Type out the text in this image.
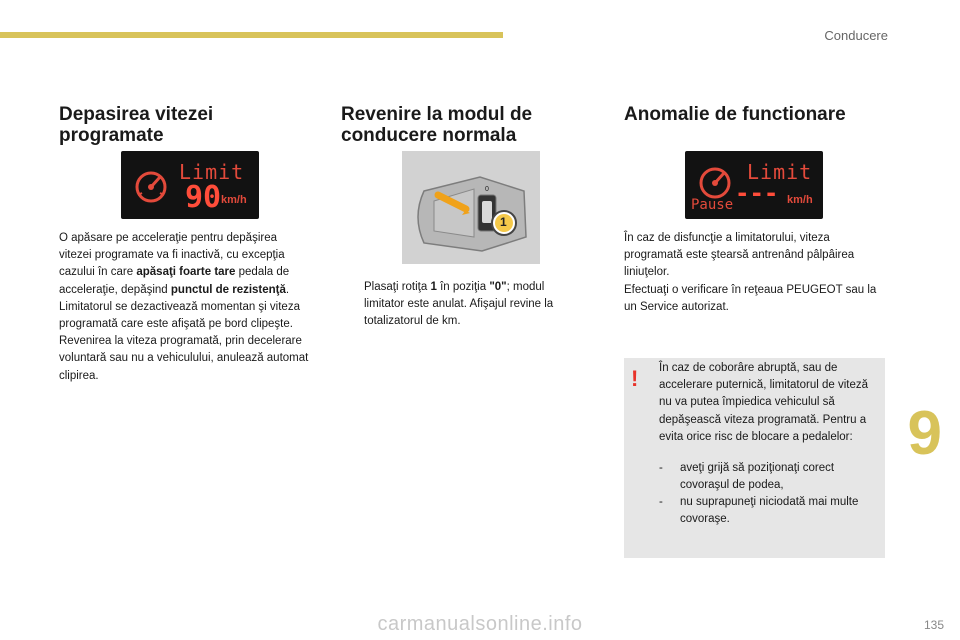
Conducere
9
135
Depasirea vitezei
programate
Limit
90 km/h

O apăsare pe acceleraţie pentru depăşirea vitezei programate va fi inactivă, cu excepţia cazului în care apăsaţi foarte tare pedala de acceleraţie, depăşind punctul de rezistenţă. Limitatorul se dezactivează momentan şi viteza programată care este afişată pe bord clipeşte. Revenirea la viteza programată, prin decelerare voluntară sau nu a vehiculului, anulează automat clipirea.

Revenire la modul de
conducere normala
0
1

Plasaţi rotiţa 1 în poziţia "0"; modul limitator este anulat. Afişajul revine la totalizatorul de km.

Anomalie de functionare
Limit
Pause --- km/h

În caz de disfuncţie a limitatorului, viteza programată este ştearsă antrenând pâlpâirea liniuţelor.
Efectuaţi o verificare în reţeaua PEUGEOT sau la un Service autorizat.

! În caz de coborâre abruptă, sau de accelerare puternică, limitatorul de viteză nu va putea împiedica vehiculul să depăşească viteza programată. Pentru a evita orice risc de blocare a pedalelor:

- aveţi grijă să poziţionaţi corect covoraşul de podea,
- nu suprapuneţi niciodată mai multe covoraşe.
carmanualsonline.info
